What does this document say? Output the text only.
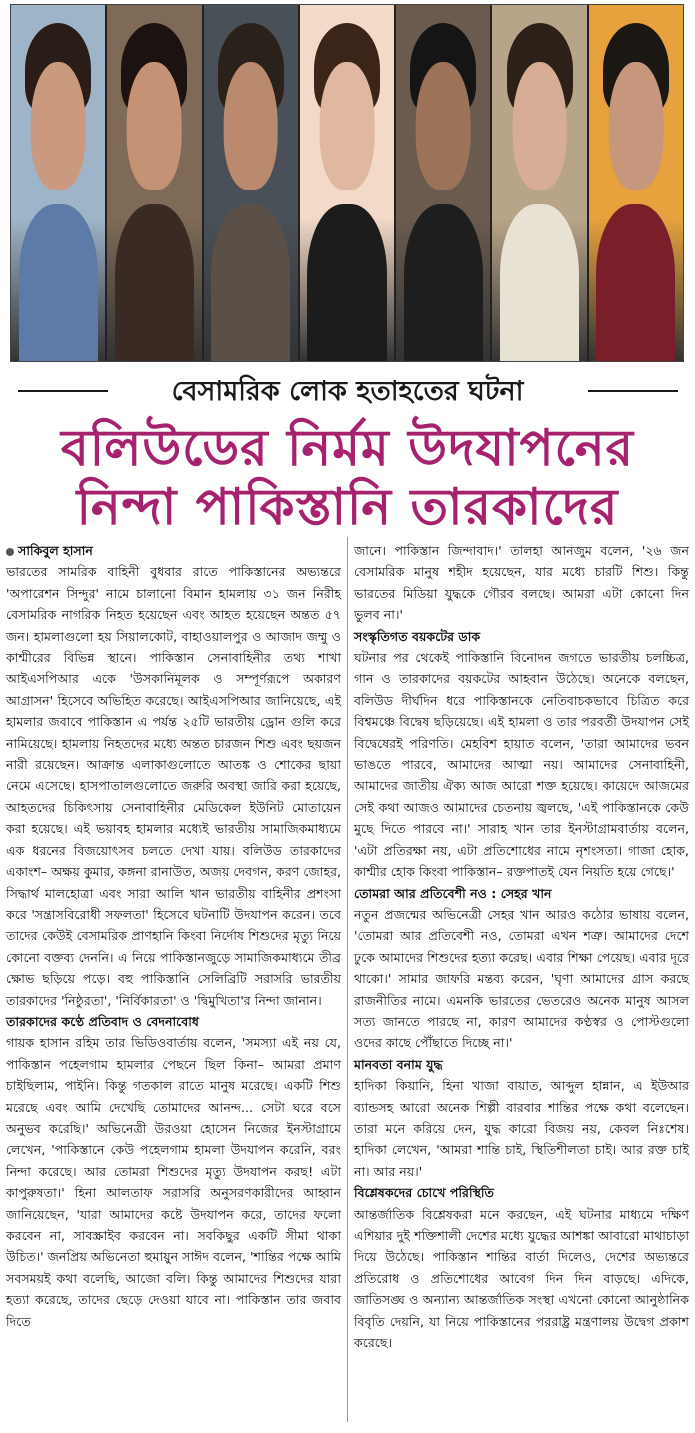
বেসামরিক লোক হতাহতের ঘটনা
বলিউডের নির্মম উদযাপনের
নিন্দা পাকিস্তানি তারকাদের

সাকিবুল হাসান

ভারতের সামরিক বাহিনী বুধবার রাতে পাকিস্তানের অভ্যন্তরে 'অপারেশন সিন্দুর' নামে চালানো বিমান হামলায় ৩১ জন নিরীহ বেসামরিক নাগরিক নিহত হয়েছেন এবং আহত হয়েছেন অন্তত ৫৭ জন। হামলাগুলো হয় সিয়ালকোট, বাহাওয়ালপুর ও আজাদ জম্মু ও কাশ্মীরের বিভিন্ন স্থানে। পাকিস্তান সেনাবাহিনীর তথ্য শাখা আইএসপিআর একে 'উসকানিমূলক ও সম্পূর্ণরূপে অকারণ আগ্রাসন' হিসেবে অভিহিত করেছে। আইএসপিআর জানিয়েছে, এই হামলার জবাবে পাকিস্তান এ পর্যন্ত ২৫টি ভারতীয় ড্রোন গুলি করে নামিয়েছে। হামলায় নিহতদের মধ্যে অন্তত চারজন শিশু এবং ছয়জন নারী রয়েছেন। আক্রান্ত এলাকাগুলোতে আতঙ্ক ও শোকের ছায়া নেমে এসেছে। হাসপাতালগুলোতে জরুরি অবস্থা জারি করা হয়েছে, আহতদের চিকিৎসায় সেনাবাহিনীর মেডিকেল ইউনিট মোতায়েন করা হয়েছে। এই ভয়াবহ হামলার মধ্যেই ভারতীয় সামাজিকমাধ্যমে এক ধরনের বিজয়োৎসব চলতে দেখা যায়। বলিউড তারকাদের একাংশ– অক্ষয় কুমার, কঙ্গনা রানাউত, অজয় দেবগন, করণ জোহর, সিদ্ধার্থ মালহোত্রা এবং সারা আলি খান ভারতীয় বাহিনীর প্রশংসা করে 'সন্ত্রাসবিরোধী সফলতা' হিসেবে ঘটনাটি উদযাপন করেন। তবে তাদের কেউই বেসামরিক প্রাণহানি কিংবা নির্দোষ শিশুদের মৃত্যু নিয়ে কোনো বক্তব্য দেননি। এ নিয়ে পাকিস্তানজুড়ে সামাজিকমাধ্যমে তীব্র ক্ষোভ ছড়িয়ে পড়ে। বহু পাকিস্তানি সেলিব্রিটি সরাসরি ভারতীয় তারকাদের 'নিষ্ঠুরতা', 'নির্বিকারতা' ও 'দ্বিমুখিতা'র নিন্দা জানান।

তারকাদের কণ্ঠে প্রতিবাদ ও বেদনাবোধ

গায়ক হাসান রহিম তার ভিডিওবার্তায় বলেন, 'সমস্যা এই নয় যে, পাকিস্তান পহেলগাম হামলার পেছনে ছিল কিনা– আমরা প্রমাণ চাইছিলাম, পাইনি। কিন্তু গতকাল রাতে মানুষ মরেছে। একটি শিশু মরেছে এবং আমি দেখেছি তোমাদের আনন্দ... সেটা ঘরে বসে অনুভব করেছি।' অভিনেত্রী উরওয়া হোসেন নিজের ইনস্টাগ্রামে লেখেন, 'পাকিস্তানে কেউ পহেলগাম হামলা উদযাপন করেনি, বরং নিন্দা করেছে। আর তোমরা শিশুদের মৃত্যু উদযাপন করছ! এটা কাপুরুষতা।' হিনা আলতাফ সরাসরি অনুসরণকারীদের আহ্বান জানিয়েছেন, 'যারা আমাদের কষ্টে উদযাপন করে, তাদের ফলো করবেন না, সাবস্ক্রাইব করবেন না। সবকিছুর একটি সীমা থাকা উচিত।' জনপ্রিয় অভিনেতা হুমায়ুন সাঈদ বলেন, 'শান্তির পক্ষে আমি সবসময়ই কথা বলেছি, আজো বলি। কিন্তু আমাদের শিশুদের যারা হত্যা করেছে, তাদের ছেড়ে দেওয়া যাবে না। পাকিস্তান তার জবাব দিতে

জানে। পাকিস্তান জিন্দাবাদ।' তালহা আনজুম বলেন, '২৬ জন বেসামরিক মানুষ শহীদ হয়েছেন, যার মধ্যে চারটি শিশু। কিন্তু ভারতের মিডিয়া যুদ্ধকে গৌরব বলছে। আমরা এটা কোনো দিন ভুলব না।'

সংস্কৃতিগত বয়কটের ডাক

ঘটনার পর থেকেই পাকিস্তানি বিনোদন জগতে ভারতীয় চলচ্চিত্র, গান ও তারকাদের বয়কটের আহবান উঠেছে। অনেকে বলছেন, বলিউড দীর্ঘদিন ধরে পাকিস্তানকে নেতিবাচকভাবে চিত্রিত করে বিশ্বমঞ্চে বিদ্বেষ ছড়িয়েছে। এই হামলা ও তার পরবর্তী উদযাপন সেই বিদ্বেষেরই পরিণতি। মেহবিশ হায়াত বলেন, 'তারা আমাদের ভবন ভাঙতে পারবে, আমাদের আত্মা নয়। আমাদের সেনাবাহিনী, আমাদের জাতীয় ঐক্য আজ আরো শক্ত হয়েছে। কায়েদে আজমের সেই কথা আজও আমাদের চেতনায় জ্বলছে, 'এই পাকিস্তানকে কেউ মুছে দিতে পারবে না।' সারাহ খান তার ইনস্টাগ্রামবার্তায় বলেন, 'এটা প্রতিরক্ষা নয়, এটা প্রতিশোধের নামে নৃশংসতা। গাজা হোক, কাশ্মীর হোক কিংবা পাকিস্তান– রক্তপাতই যেন নিয়তি হয়ে গেছে।'

তোমরা আর প্রতিবেশী নও : সেহর খান

নতুন প্রজন্মের অভিনেত্রী সেহর খান আরও কঠোর ভাষায় বলেন, 'তোমরা আর প্রতিবেশী নও, তোমরা এখন শত্রু। আমাদের দেশে ঢুকে আমাদের শিশুদের হত্যা করেছ। এবার শিক্ষা পেয়েছ। এবার দূরে থাকো।' সামার জাফরি মন্তব্য করেন, 'ঘৃণা আমাদের গ্রাস করছে রাজনীতির নামে। এমনকি ভারতের ভেতরেও অনেক মানুষ আসল সত্য জানতে পারছে না, কারণ আমাদের কণ্ঠস্বর ও পোস্টগুলো ওদের কাছে পৌঁছাতে দিচ্ছে না।'

মানবতা বনাম যুদ্ধ

হাদিকা কিয়ানি, হিনা খাজা বায়াত, আব্দুল হান্নান, এ ইউআর ব্যান্ডসহ আরো অনেক শিল্পী বারবার শান্তির পক্ষে কথা বলেছেন। তারা মনে করিয়ে দেন, যুদ্ধ কারো বিজয় নয়, কেবল নিঃশেষ। হাদিকা লেখেন, 'আমরা শান্তি চাই, স্থিতিশীলতা চাই। আর রক্ত চাই না। আর নয়।'

বিশ্লেষকদের চোখে পরিস্থিতি

আন্তর্জাতিক বিশ্লেষকরা মনে করছেন, এই ঘটনার মাধ্যমে দক্ষিণ এশিয়ার দুই শক্তিশালী দেশের মধ্যে যুদ্ধের আশঙ্কা আবারো মাথাচাড়া দিয়ে উঠেছে। পাকিস্তান শান্তির বার্তা দিলেও, দেশের অভ্যন্তরে প্রতিরোধ ও প্রতিশোধের আবেগ দিন দিন বাড়ছে। এদিকে, জাতিসঙ্ঘ ও অন্যান্য আন্তর্জাতিক সংস্থা এখনো কোনো আনুষ্ঠানিক বিবৃতি দেয়নি, যা নিয়ে পাকিস্তানের পররাষ্ট্র মন্ত্রণালয় উদ্বেগ প্রকাশ করেছে।
